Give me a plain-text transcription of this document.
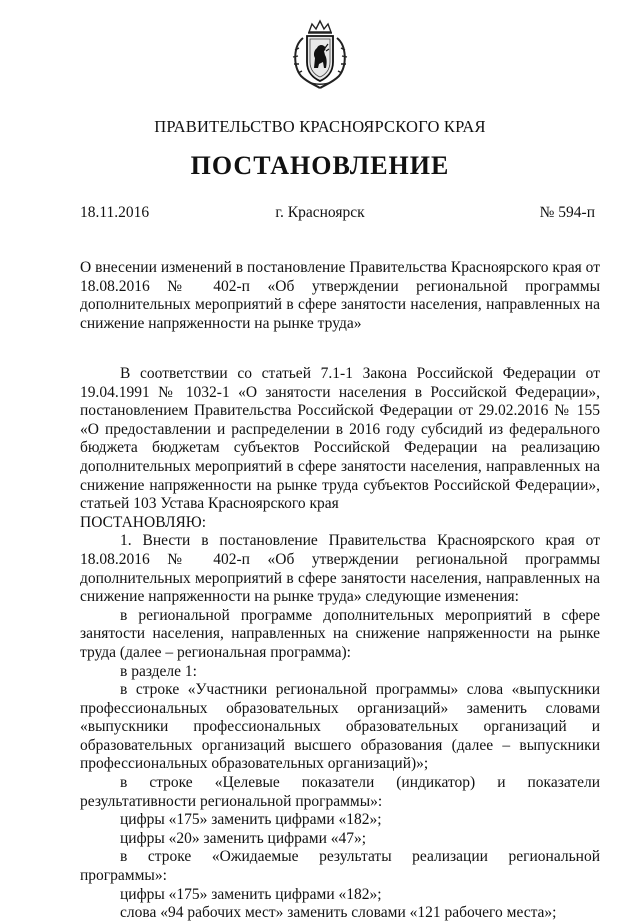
ПРАВИТЕЛЬСТВО КРАСНОЯРСКОГО КРАЯ
ПОСТАНОВЛЕНИЕ
18.11.2016	г. Красноярск	№ 594-п
О внесении изменений в постановление Правительства Красноярского края от 18.08.2016 № 402-п «Об утверждении региональной программы дополнительных мероприятий в сфере занятости населения, направленных на снижение напряженности на рынке труда»

В соответствии со статьей 7.1-1 Закона Российской Федерации от 19.04.1991 № 1032-1 «О занятости населения в Российской Федерации», постановлением Правительства Российской Федерации от 29.02.2016 № 155 «О предоставлении и распределении в 2016 году субсидий из федерального бюджета бюджетам субъектов Российской Федерации на реализацию дополнительных мероприятий в сфере занятости населения, направленных на снижение напряженности на рынке труда субъектов Российской Федерации», статьей 103 Устава Красноярского края

ПОСТАНОВЛЯЮ:

1. Внести в постановление Правительства Красноярского края от 18.08.2016 № 402-п «Об утверждении региональной программы дополнительных мероприятий в сфере занятости населения, направленных на снижение напряженности на рынке труда» следующие изменения:

в региональной программе дополнительных мероприятий в сфере занятости населения, направленных на снижение напряженности на рынке труда (далее – региональная программа):

в разделе 1:

в строке «Участники региональной программы» слова «выпускники профессиональных образовательных организаций» заменить словами «выпускники профессиональных образовательных организаций и образовательных организаций высшего образования (далее – выпускники профессиональных образовательных организаций)»;

в строке «Целевые показатели (индикатор) и показатели результативности региональной программы»:

цифры «175» заменить цифрами «182»;

цифры «20» заменить цифрами «47»;

в строке «Ожидаемые результаты реализации региональной программы»:

цифры «175» заменить цифрами «182»;

слова «94 рабочих мест» заменить словами «121 рабочего места»;
